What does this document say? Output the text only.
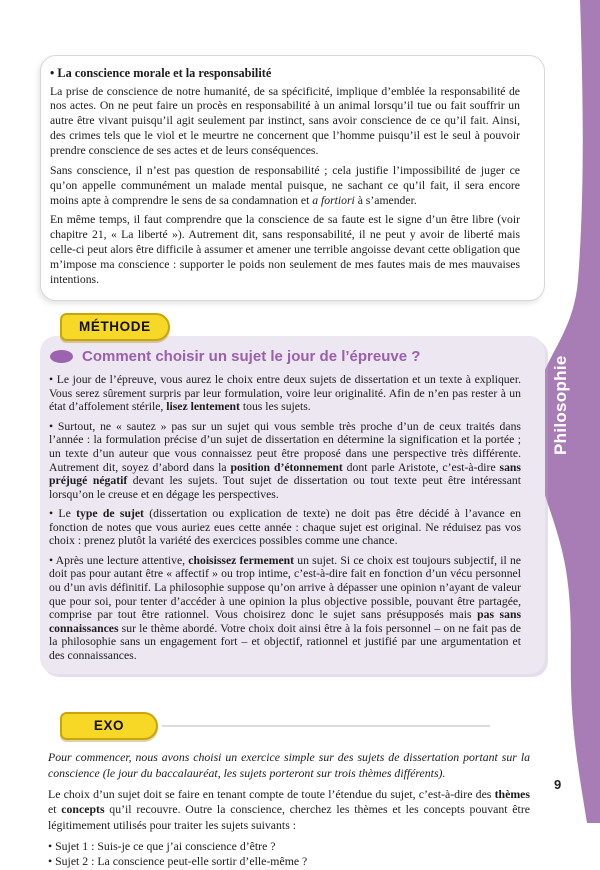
Philosophie

• La conscience morale et la responsabilité

La prise de conscience de notre humanité, de sa spécificité, implique d’emblée la responsabilité de nos actes. On ne peut faire un procès en responsabilité à un animal lorsqu’il tue ou fait souffrir un autre être vivant puisqu’il agit seulement par instinct, sans avoir conscience de ce qu’il fait. Ainsi, des crimes tels que le viol et le meurtre ne concernent que l’homme puisqu’il est le seul à pouvoir prendre conscience de ses actes et de leurs conséquences.

Sans conscience, il n’est pas question de responsabilité ; cela justifie l’impossibilité de juger ce qu’on appelle communément un malade mental puisque, ne sachant ce qu’il fait, il sera encore moins apte à comprendre le sens de sa condamnation et a fortiori à s’amender.

En même temps, il faut comprendre que la conscience de sa faute est le signe d’un être libre (voir chapitre 21, « La liberté »). Autrement dit, sans responsabilité, il ne peut y avoir de liberté mais celle-ci peut alors être difficile à assumer et amener une terrible angoisse devant cette obligation que m’impose ma conscience : supporter le poids non seulement de mes fautes mais de mes mauvaises intentions.

MÉTHODE
Comment choisir un sujet le jour de l’épreuve ?

• Le jour de l’épreuve, vous aurez le choix entre deux sujets de dissertation et un texte à expliquer. Vous serez sûrement surpris par leur formulation, voire leur originalité. Afin de n’en pas rester à un état d’affolement stérile, lisez lentement tous les sujets.

• Surtout, ne « sautez » pas sur un sujet qui vous semble très proche d’un de ceux traités dans l’année : la formulation précise d’un sujet de dissertation en détermine la signification et la portée ; un texte d’un auteur que vous connaissez peut être proposé dans une perspective très différente. Autrement dit, soyez d’abord dans la position d’étonnement dont parle Aristote, c’est-à-dire sans préjugé négatif devant les sujets. Tout sujet de dissertation ou tout texte peut être intéressant lorsqu’on le creuse et en dégage les perspectives.

• Le type de sujet (dissertation ou explication de texte) ne doit pas être décidé à l’avance en fonction de notes que vous auriez eues cette année : chaque sujet est original. Ne réduisez pas vos choix : prenez plutôt la variété des exercices possibles comme une chance.

• Après une lecture attentive, choisissez fermement un sujet. Si ce choix est toujours subjectif, il ne doit pas pour autant être « affectif » ou trop intime, c’est-à-dire fait en fonction d’un vécu personnel ou d’un avis définitif. La philosophie suppose qu’on arrive à dépasser une opinion n’ayant de valeur que pour soi, pour tenter d’accéder à une opinion la plus objective possible, pouvant être partagée, comprise par tout être rationnel. Vous choisirez donc le sujet sans présupposés mais pas sans connaissances sur le thème abordé. Votre choix doit ainsi être à la fois personnel – on ne fait pas de la philosophie sans un engagement fort – et objectif, rationnel et justifié par une argumentation et des connaissances.

EXO

Pour commencer, nous avons choisi un exercice simple sur des sujets de dissertation portant sur la conscience (le jour du baccalauréat, les sujets porteront sur trois thèmes différents).

Le choix d’un sujet doit se faire en tenant compte de toute l’étendue du sujet, c’est-à-dire des thèmes et concepts qu’il recouvre. Outre la conscience, cherchez les thèmes et les concepts pouvant être légitimement utilisés pour traiter les sujets suivants :

• Sujet 1 : Suis-je ce que j’ai conscience d’être ?

• Sujet 2 : La conscience peut-elle sortir d’elle-même ?

9
